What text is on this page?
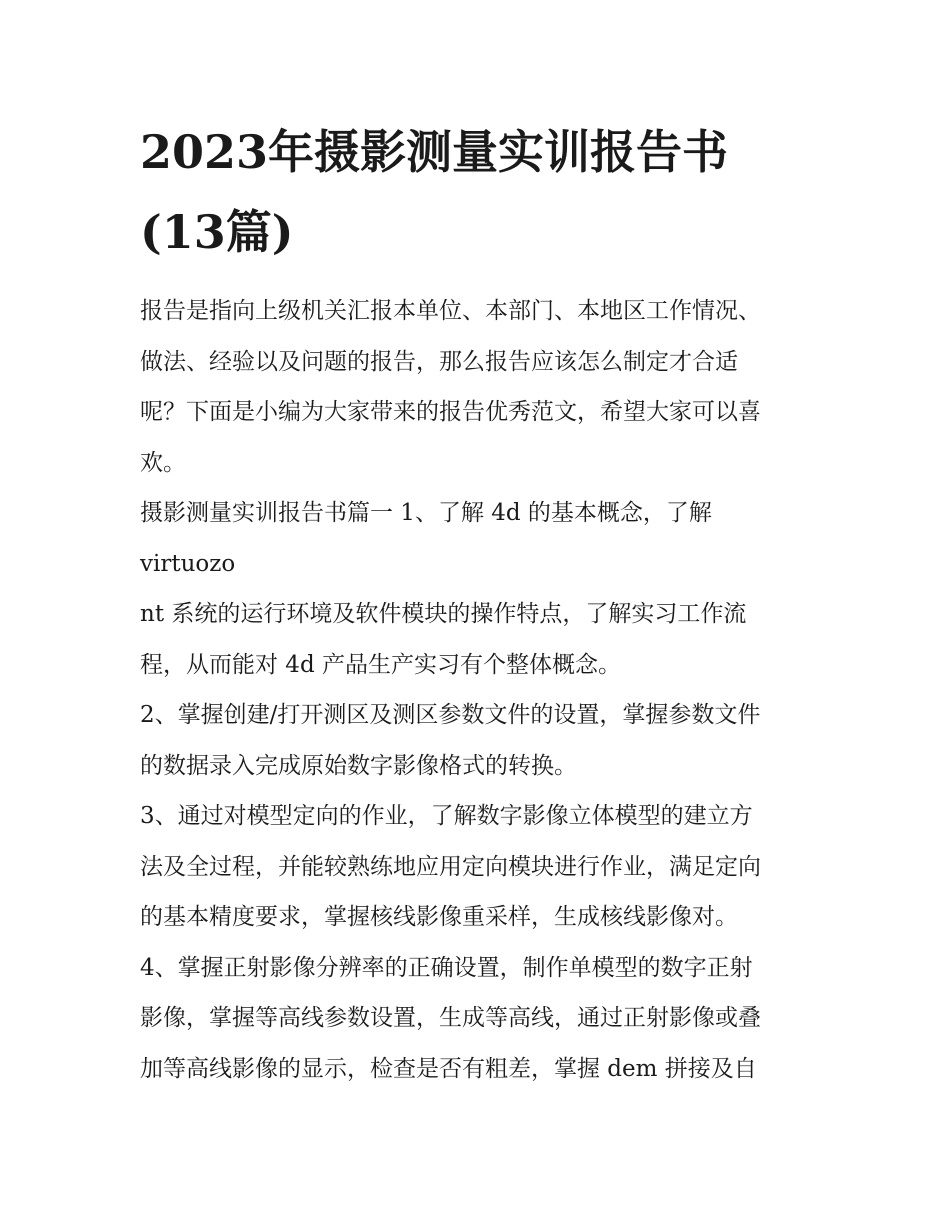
2023年摄影测量实训报告书
(13篇)
报告是指向上级机关汇报本单位、本部门、本地区工作情况、
做法、经验以及问题的报告，那么报告应该怎么制定才合适
呢？下面是小编为大家带来的报告优秀范文，希望大家可以喜
欢。
摄影测量实训报告书篇一 1、了解 4d 的基本概念，了解
virtuozo
nt 系统的运行环境及软件模块的操作特点，了解实习工作流
程，从而能对 4d 产品生产实习有个整体概念。
2、掌握创建/打开测区及测区参数文件的设置，掌握参数文件
的数据录入完成原始数字影像格式的转换。
3、通过对模型定向的作业，了解数字影像立体模型的建立方
法及全过程，并能较熟练地应用定向模块进行作业，满足定向
的基本精度要求，掌握核线影像重采样，生成核线影像对。
4、掌握正射影像分辨率的正确设置，制作单模型的数字正射
影像，掌握等高线参数设置，生成等高线，通过正射影像或叠
加等高线影像的显示，检查是否有粗差，掌握 dem 拼接及自
